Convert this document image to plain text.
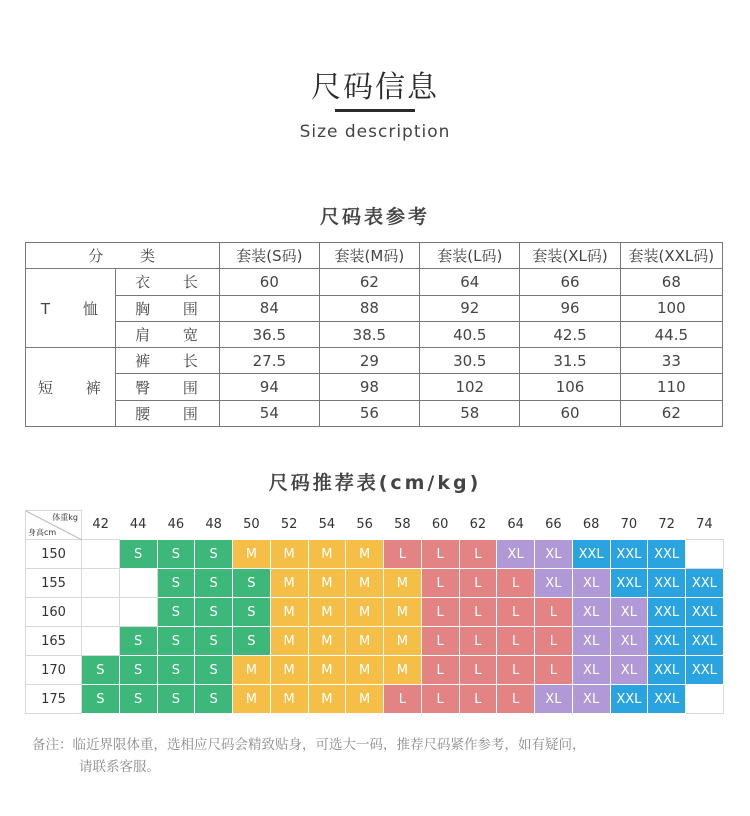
尺码信息
Size description
尺码表参考
分 类		套装(S码)	套装(M码)	套装(L码)	套装(XL码)	套装(XXL码)
T 恤	衣 长	60	62	64	66	68
	胸 围	84	88	92	96	100
	肩 宽	36.5	38.5	40.5	42.5	44.5
短 裤	裤 长	27.5	29	30.5	31.5	33
	臀 围	94	98	102	106	110
	腰 围	54	56	58	60	62
尺码推荐表(cm/kg)
体重kg
身高cm	42	44	46	48	50	52	54	56	58	60	62	64	66	68	70	72	74
150		S	S	S	M	M	M	M	L	L	L	XL	XL	XXL	XXL	XXL	
155			S	S	S	M	M	M	M	L	L	L	XL	XL	XXL	XXL	XXL
160			S	S	S	M	M	M	M	L	L	L	L	XL	XL	XXL	XXL
165		S	S	S	S	M	M	M	M	L	L	L	L	XL	XL	XXL	XXL
170	S	S	S	S	M	M	M	M	M	L	L	L	L	XL	XL	XXL	XXL
175	S	S	S	S	M	M	M	M	L	L	L	L	XL	XL	XXL	XXL	
备注：临近界限体重，选相应尺码会精致贴身，可选大一码，推荐尺码紧作参考，如有疑问，
请联系客服。
